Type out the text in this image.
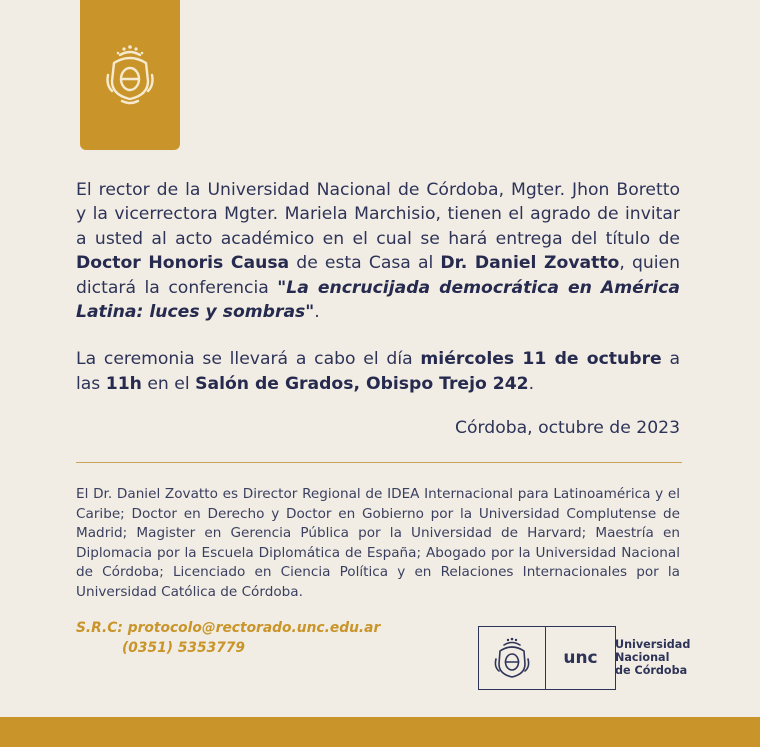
El rector de la Universidad Nacional de Córdoba, Mgter. Jhon Boretto y la vicerrectora Mgter. Mariela Marchisio, tienen el agrado de invitar a usted al acto académico en el cual se hará entrega del título de Doctor Honoris Causa de esta Casa al Dr. Daniel Zovatto, quien dictará la conferencia "La encrucijada democrática en América Latina: luces y sombras".

La ceremonia se llevará a cabo el día miércoles 11 de octubre a las 11h en el Salón de Grados, Obispo Trejo 242.

Córdoba, octubre de 2023

El Dr. Daniel Zovatto es Director Regional de IDEA Internacional para Latinoamérica y el Caribe; Doctor en Derecho y Doctor en Gobierno por la Universidad Complutense de Madrid; Magister en Gerencia Pública por la Universidad de Harvard; Maestría en Diplomacia por la Escuela Diplomática de España; Abogado por la Universidad Nacional de Córdoba; Licenciado en Ciencia Política y en Relaciones Internacionales por la Universidad Católica de Córdoba.

S.R.C: protocolo@rectorado.unc.edu.ar
(0351) 5353779	unc
Universidad
Nacional
de Córdoba
